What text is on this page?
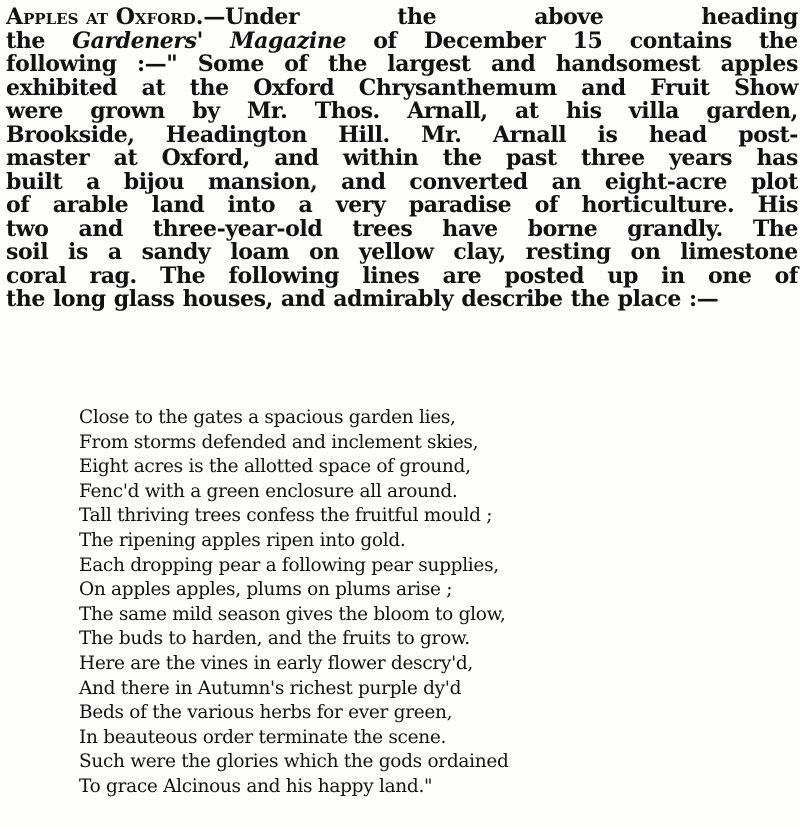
Apples at Oxford.—Under	the	above	heading
the Gardeners' Magazine of December 15 contains the
following :—" Some of the largest and handsomest apples
exhibited at the Oxford Chrysanthemum and Fruit Show
were grown by Mr. Thos. Arnall, at his villa garden,
Brookside, Headington Hill. Mr. Arnall is head post-
master at Oxford, and within the past three years has
built a bijou mansion, and converted an eight-acre plot
of arable land into a very paradise of horticulture. His
two and three-year-old trees have borne grandly. The
soil is a sandy loam on yellow clay, resting on limestone
coral rag. The following lines are posted up in one of
the long glass houses, and admirably describe the place :—
Close to the gates a spacious garden lies,
From storms defended and inclement skies,
Eight acres is the allotted space of ground,
Fenc'd with a green enclosure all around.
Tall thriving trees confess the fruitful mould ;
The ripening apples ripen into gold.
Each dropping pear a following pear supplies,
On apples apples, plums on plums arise ;
The same mild season gives the bloom to glow,
The buds to harden, and the fruits to grow.
Here are the vines in early flower descry'd,
And there in Autumn's richest purple dy'd
Beds of the various herbs for ever green,
In beauteous order terminate the scene.
Such were the glories which the gods ordained
To grace Alcinous and his happy land."
